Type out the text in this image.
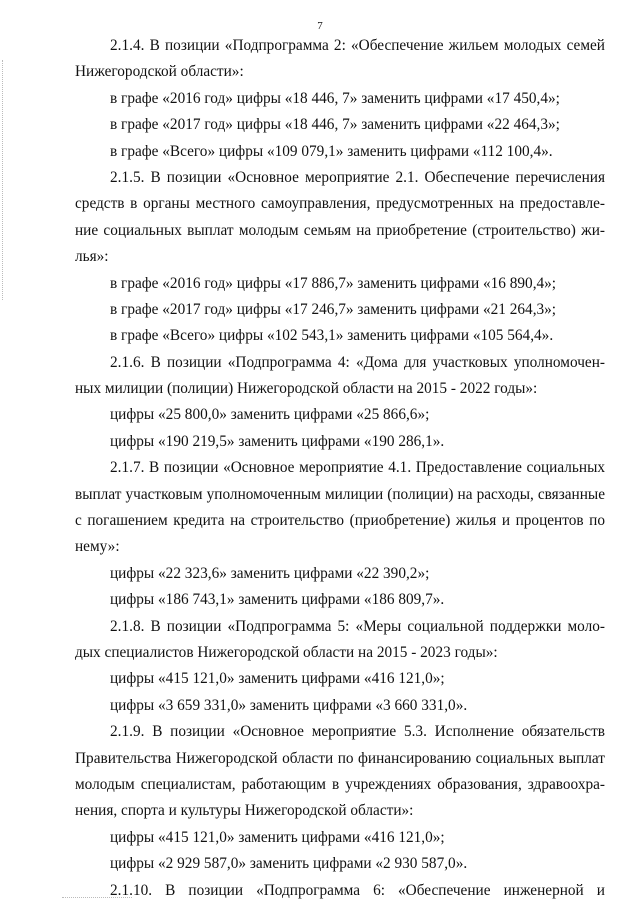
7
2.1.4. В позиции «Подпрограмма 2: «Обеспечение жильем молодых семей
Нижегородской области»:
в графе «2016 год» цифры «18 446, 7» заменить цифрами «17 450,4»;
в графе «2017 год» цифры «18 446, 7» заменить цифрами «22 464,3»;
в графе «Всего» цифры «109 079,1» заменить цифрами «112 100,4».
2.1.5. В позиции «Основное мероприятие 2.1. Обеспечение перечисления
средств в органы местного самоуправления, предусмотренных на предоставле-
ние социальных выплат молодым семьям на приобретение (строительство) жи-
лья»:
в графе «2016 год» цифры «17 886,7» заменить цифрами «16 890,4»;
в графе «2017 год» цифры «17 246,7» заменить цифрами «21 264,3»;
в графе «Всего» цифры «102 543,1» заменить цифрами «105 564,4».
2.1.6. В позиции «Подпрограмма 4: «Дома для участковых уполномочен-
ных милиции (полиции) Нижегородской области на 2015 - 2022 годы»:
цифры «25 800,0» заменить цифрами «25 866,6»;
цифры «190 219,5» заменить цифрами «190 286,1».
2.1.7. В позиции «Основное мероприятие 4.1. Предоставление социальных
выплат участковым уполномоченным милиции (полиции) на расходы, связанные
с погашением кредита на строительство (приобретение) жилья и процентов по
нему»:
цифры «22 323,6» заменить цифрами «22 390,2»;
цифры «186 743,1» заменить цифрами «186 809,7».
2.1.8. В позиции «Подпрограмма 5: «Меры социальной поддержки моло-
дых специалистов Нижегородской области на 2015 - 2023 годы»:
цифры «415 121,0» заменить цифрами «416 121,0»;
цифры «3 659 331,0» заменить цифрами «3 660 331,0».
2.1.9. В позиции «Основное мероприятие 5.3. Исполнение обязательств
Правительства Нижегородской области по финансированию социальных выплат
молодым специалистам, работающим в учреждениях образования, здравоохра-
нения, спорта и культуры Нижегородской области»:
цифры «415 121,0» заменить цифрами «416 121,0»;
цифры «2 929 587,0» заменить цифрами «2 930 587,0».
2.1.10. В позиции «Подпрограмма 6: «Обеспечение инженерной и
